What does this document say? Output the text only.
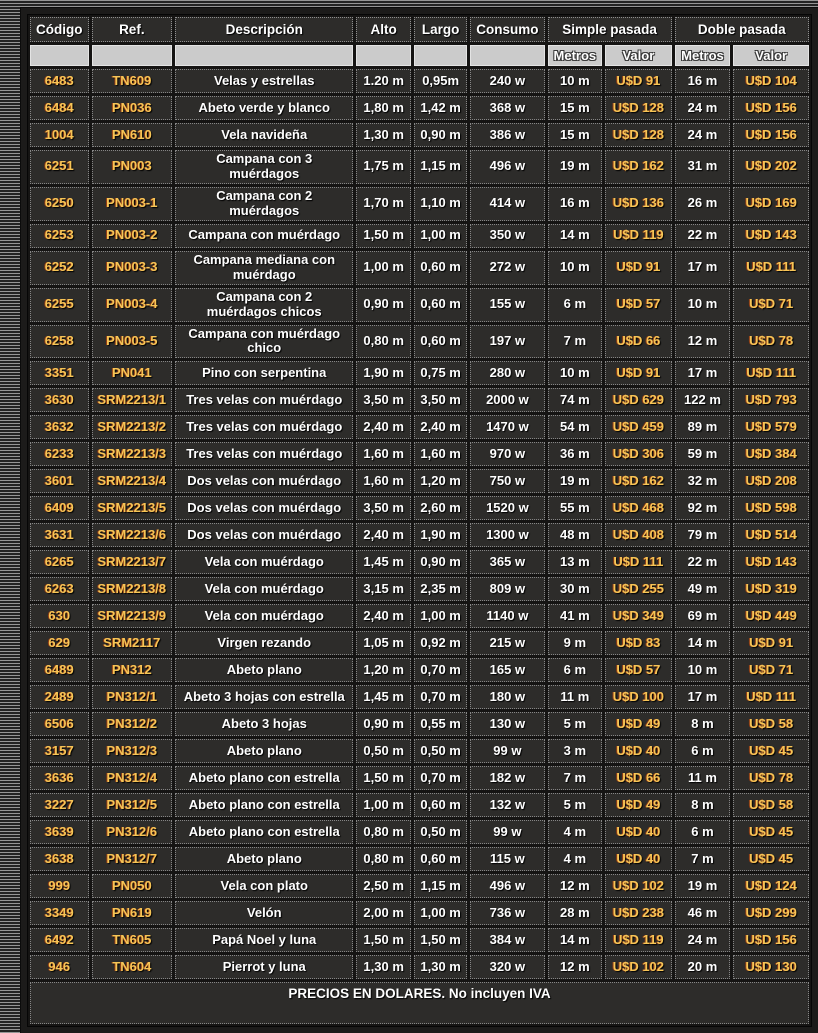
Código	Ref.	Descripción	Alto	Largo	Consumo	Simple pasada		Doble pasada	
						Metros	Valor	Metros	Valor
6483	TN609	Velas y estrellas	1.20 m	0,95m	240 w	10 m	U$D 91	16 m	U$D 104
6484	PN036	Abeto verde y blanco	1,80 m	1,42 m	368 w	15 m	U$D 128	24 m	U$D 156
1004	PN610	Vela navideña	1,30 m	0,90 m	386 w	15 m	U$D 128	24 m	U$D 156
6251	PN003	Campana con 3 muérdagos	1,75 m	1,15 m	496 w	19 m	U$D 162	31 m	U$D 202
6250	PN003-1	Campana con 2 muérdagos	1,70 m	1,10 m	414 w	16 m	U$D 136	26 m	U$D 169
6253	PN003-2	Campana con muérdago	1,50 m	1,00 m	350 w	14 m	U$D 119	22 m	U$D 143
6252	PN003-3	Campana mediana con muérdago	1,00 m	0,60 m	272 w	10 m	U$D 91	17 m	U$D 111
6255	PN003-4	Campana con 2 muérdagos chicos	0,90 m	0,60 m	155 w	6 m	U$D 57	10 m	U$D 71
6258	PN003-5	Campana con muérdago chico	0,80 m	0,60 m	197 w	7 m	U$D 66	12 m	U$D 78
3351	PN041	Pino con serpentina	1,90 m	0,75 m	280 w	10 m	U$D 91	17 m	U$D 111
3630	SRM2213/1	Tres velas con muérdago	3,50 m	3,50 m	2000 w	74 m	U$D 629	122 m	U$D 793
3632	SRM2213/2	Tres velas con muérdago	2,40 m	2,40 m	1470 w	54 m	U$D 459	89 m	U$D 579
6233	SRM2213/3	Tres velas con muérdago	1,60 m	1,60 m	970 w	36 m	U$D 306	59 m	U$D 384
3601	SRM2213/4	Dos velas con muérdago	1,60 m	1,20 m	750 w	19 m	U$D 162	32 m	U$D 208
6409	SRM2213/5	Dos velas con muérdago	3,50 m	2,60 m	1520 w	55 m	U$D 468	92 m	U$D 598
3631	SRM2213/6	Dos velas con muérdago	2,40 m	1,90 m	1300 w	48 m	U$D 408	79 m	U$D 514
6265	SRM2213/7	Vela con muérdago	1,45 m	0,90 m	365 w	13 m	U$D 111	22 m	U$D 143
6263	SRM2213/8	Vela con muérdago	3,15 m	2,35 m	809 w	30 m	U$D 255	49 m	U$D 319
630	SRM2213/9	Vela con muérdago	2,40 m	1,00 m	1140 w	41 m	U$D 349	69 m	U$D 449
629	SRM2117	Virgen rezando	1,05 m	0,92 m	215 w	9 m	U$D 83	14 m	U$D 91
6489	PN312	Abeto plano	1,20 m	0,70 m	165 w	6 m	U$D 57	10 m	U$D 71
2489	PN312/1	Abeto 3 hojas con estrella	1,45 m	0,70 m	180 w	11 m	U$D 100	17 m	U$D 111
6506	PN312/2	Abeto 3 hojas	0,90 m	0,55 m	130 w	5 m	U$D 49	8 m	U$D 58
3157	PN312/3	Abeto plano	0,50 m	0,50 m	99 w	3 m	U$D 40	6 m	U$D 45
3636	PN312/4	Abeto plano con estrella	1,50 m	0,70 m	182 w	7 m	U$D 66	11 m	U$D 78
3227	PN312/5	Abeto plano con estrella	1,00 m	0,60 m	132 w	5 m	U$D 49	8 m	U$D 58
3639	PN312/6	Abeto plano con estrella	0,80 m	0,50 m	99 w	4 m	U$D 40	6 m	U$D 45
3638	PN312/7	Abeto plano	0,80 m	0,60 m	115 w	4 m	U$D 40	7 m	U$D 45
999	PN050	Vela con plato	2,50 m	1,15 m	496 w	12 m	U$D 102	19 m	U$D 124
3349	PN619	Velón	2,00 m	1,00 m	736 w	28 m	U$D 238	46 m	U$D 299
6492	TN605	Papá Noel y luna	1,50 m	1,50 m	384 w	14 m	U$D 119	24 m	U$D 156
946	TN604	Pierrot y luna	1,30 m	1,30 m	320 w	12 m	U$D 102	20 m	U$D 130
PRECIOS EN DOLARES. No incluyen IVA									
